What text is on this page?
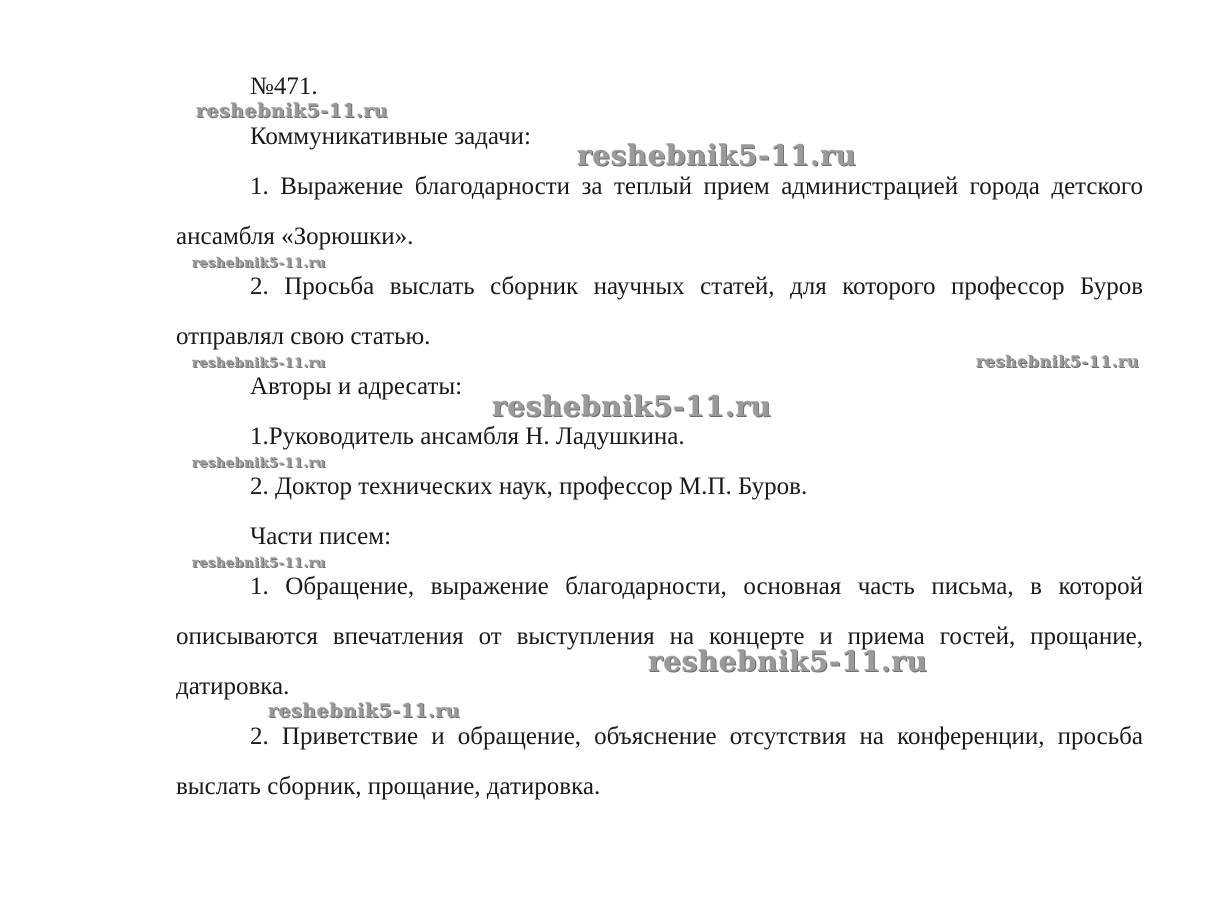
№471.

Коммуникативные задачи:

1. Выражение благодарности за теплый прием администрацией города детского ансамбля «Зорюшки».

2. Просьба выслать сборник научных статей, для которого профессор Буров отправлял свою статью.

Авторы и адресаты:

1.Руководитель ансамбля Н. Ладушкина.

2. Доктор технических наук, профессор М.П. Буров.

Части писем:

1. Обращение, выражение благодарности, основная часть письма, в которой описываются впечатления от выступления на концерте и приема гостей, прощание, датировка.

2. Приветствие и обращение, объяснение отсутствия на конференции, просьба выслать сборник, прощание, датировка.

reshebnik5-11.ru
reshebnik5-11.ru
reshebnik5-11.ru
reshebnik5-11.ru	reshebnik5-11.ru
reshebnik5-11.ru
reshebnik5-11.ru
reshebnik5-11.ru
reshebnik5-11.ru
reshebnik5-11.ru
